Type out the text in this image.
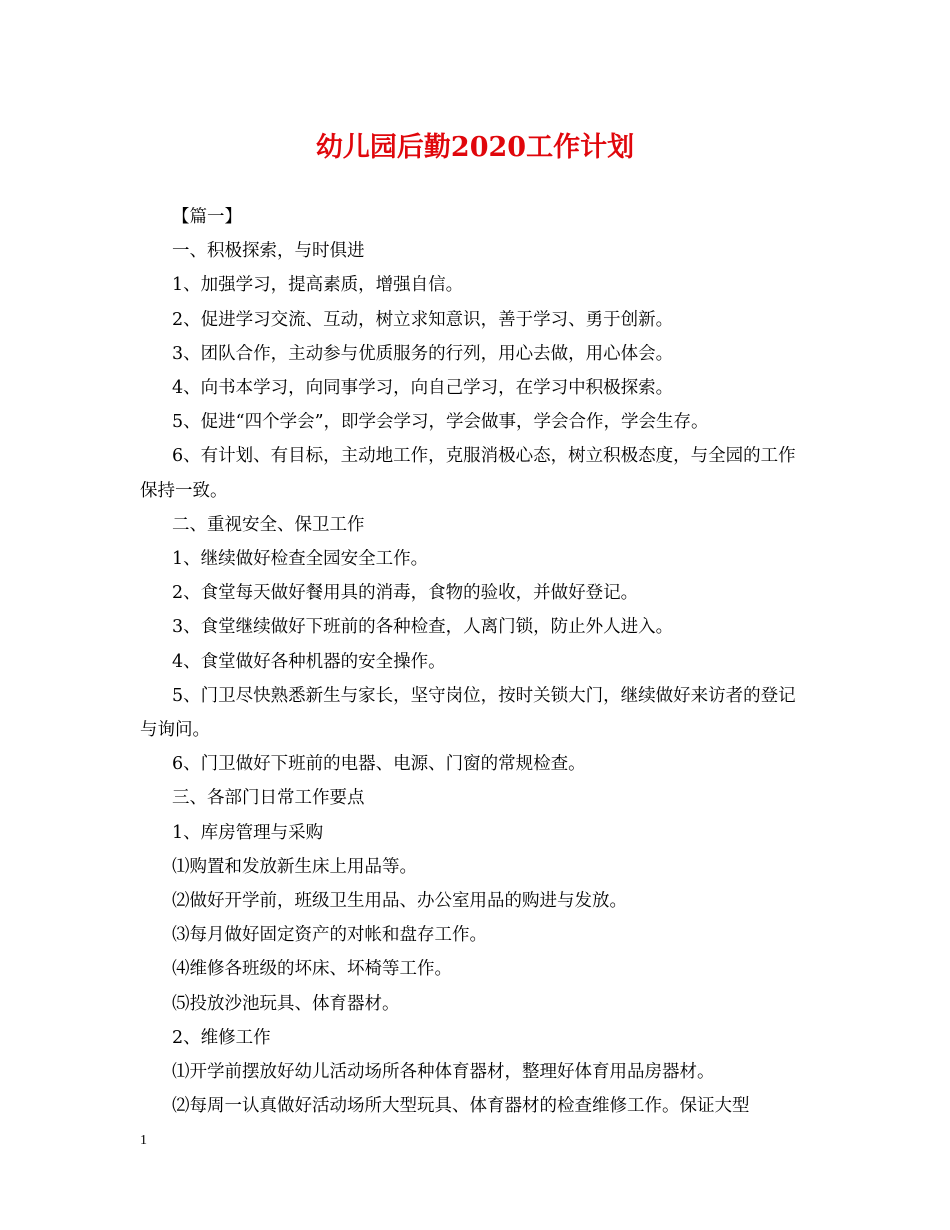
幼儿园后勤2020工作计划

【篇一】

一、积极探索，与时俱进

1、加强学习，提高素质，增强自信。

2、促进学习交流、互动，树立求知意识，善于学习、勇于创新。

3、团队合作，主动参与优质服务的行列，用心去做，用心体会。

4、向书本学习，向同事学习，向自己学习，在学习中积极探索。

5、促进“四个学会”，即学会学习，学会做事，学会合作，学会生存。

6、有计划、有目标，主动地工作，克服消极心态，树立积极态度，与全园的工作保持一致。

二、重视安全、保卫工作

1、继续做好检查全园安全工作。

2、食堂每天做好餐用具的消毒，食物的验收，并做好登记。

3、食堂继续做好下班前的各种检查，人离门锁，防止外人进入。

4、食堂做好各种机器的安全操作。

5、门卫尽快熟悉新生与家长，坚守岗位，按时关锁大门，继续做好来访者的登记与询问。

6、门卫做好下班前的电器、电源、门窗的常规检查。

三、各部门日常工作要点

1、库房管理与采购

⑴购置和发放新生床上用品等。

⑵做好开学前，班级卫生用品、办公室用品的购进与发放。

⑶每月做好固定资产的对帐和盘存工作。

⑷维修各班级的坏床、坏椅等工作。

⑸投放沙池玩具、体育器材。

2、维修工作

⑴开学前摆放好幼儿活动场所各种体育器材，整理好体育用品房器材。

⑵每周一认真做好活动场所大型玩具、体育器材的检查维修工作。保证大型

1
